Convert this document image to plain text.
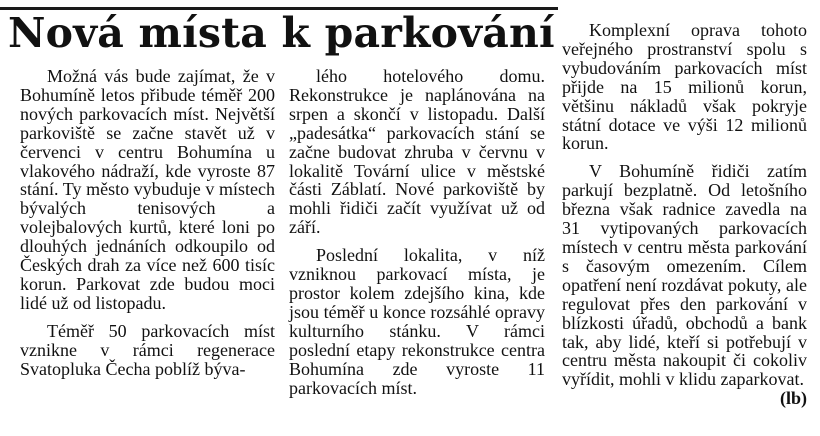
Nová místa k parkování

Možná vás bude zajímat, že v Bohumíně letos přibude téměř 200 nových parkovacích míst. Největší parkoviště se začne stavět už v červenci v centru Bohumína u vlakového nádraží, kde vyroste 87 stání. Ty město vybuduje v místech bývalých tenisových a volejbalových kurtů, které loni po dlouhých jednáních odkoupilo od Českých drah za více než 600 tisíc korun. Parkovat zde budou moci lidé už od listopadu.

Téměř 50 parkovacích míst vznikne v rámci regenerace Svatopluka Čecha poblíž býva-

lého hotelového domu. Rekonstrukce je naplánována na srpen a skončí v listopadu. Další „padesátka“ parkovacích stání se začne budovat zhruba v červnu v lokalitě Tovární ulice v městské části Záblatí. Nové parkoviště by mohli řidiči začít využívat už od září.

Poslední lokalita, v níž vzniknou parkovací místa, je prostor kolem zdejšího kina, kde jsou téměř u konce rozsáhlé opravy kulturního stánku. V rámci poslední etapy rekonstrukce centra Bohumína zde vyroste 11 parkovacích míst.

Komplexní oprava tohoto veřejného prostranství spolu s vybudováním parkovacích míst přijde na 15 milionů korun, většinu nákladů však pokryje státní dotace ve výši 12 milionů korun.

V Bohumíně řidiči zatím parkují bezplatně. Od letošního března však radnice zavedla na 31 vytipovaných parkovacích místech v centru města parkování s časovým omezením. Cílem opatření není rozdávat pokuty, ale regulovat přes den parkování v blízkosti úřadů, obchodů a bank tak, aby lidé, kteří si potřebují v centru města nakoupit či cokoliv vyřídit, mohli v klidu zaparkovat.
(lb)
